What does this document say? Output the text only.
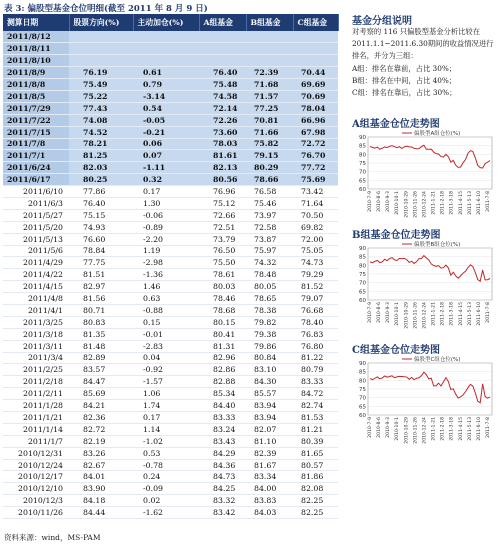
表 3: 偏股型基金仓位明细(截至 2011 年 8 月 9 日)
测算日期	股票方向(%)	主动加仓(%)	A组基金	B组基金	C组基金
2011/8/12					
2011/8/11					
2011/8/10					
2011/8/9	76.19	0.61	76.40	72.39	70.44
2011/8/8	75.49	0.79	75.48	71.68	69.69
2011/8/5	75.22	-3.14	74.58	71.57	70.69
2011/7/29	77.43	0.54	72.14	77.25	78.04
2011/7/22	74.08	-0.05	72.26	70.81	66.96
2011/7/15	74.52	-0.21	73.60	71.66	67.98
2011/7/8	78.21	0.06	78.03	75.82	72.72
2011/7/1	81.25	0.07	81.61	79.15	76.70
2011/6/24	82.03	-1.11	82.13	80.29	77.72
2011/6/17	80.25	0.32	80.56	78.66	75.69
2011/6/10	77.86	0.17	76.96	76.58	73.42
2011/6/3	76.40	1.30	75.12	75.46	71.64
2011/5/27	75.15	-0.06	72.66	73.97	70.50
2011/5/20	74.93	-0.89	72.51	72.58	69.82
2011/5/13	76.60	-2.20	73.79	73.87	72.00
2011/5/6	78.84	1.19	76.50	75.97	75.05
2011/4/29	77.75	-2.98	75.50	74.32	74.73
2011/4/22	81.51	-1.36	78.61	78.48	79.29
2011/4/15	82.97	1.46	80.03	80.05	81.52
2011/4/8	81.56	0.63	78.46	78.65	79.07
2011/4/1	80.71	-0.88	78.68	78.38	76.68
2011/3/25	80.83	0.15	80.15	79.82	78.40
2011/3/18	81.35	-0.01	80.41	79.38	76.83
2011/3/11	81.48	-2.83	81.31	79.86	76.80
2011/3/4	82.89	0.04	82.96	80.84	81.22
2011/2/25	83.57	-0.92	82.86	83.10	80.79
2011/2/18	84.47	-1.57	82.88	84.30	83.33
2011/2/11	85.69	1.06	85.34	85.57	84.72
2011/1/28	84.21	1.74	84.40	83.94	82.74
2011/1/21	82.36	0.17	83.33	83.94	81.53
2011/1/14	82.72	1.14	83.24	82.07	81.21
2011/1/7	82.19	-1.02	83.43	81.10	80.39
2010/12/31	83.26	0.53	84.29	82.39	81.65
2010/12/24	82.67	-0.78	84.36	81.67	80.57
2010/12/17	84.01	0.24	84.73	83.34	81.86
2010/12/10	83.90	-0.09	84.25	84.00	82.08
2010/12/3	84.18	0.02	83.32	83.83	82.25
2010/11/26	84.44	-1.62	83.42	84.03	82.25
资料来源：wind，MS-PAM
基金分组说明
对考察的 116 只偏股型基金分析比较在2011.1.1~2011.6.30期间的收益情况进行排名，并分为三组：
A组：排名在靠前，占比 30%；
B组：排名在中间，占比 40%；
C组：排名在靠后，占比 30%；
A组基金仓位走势图
60
65
70
75
80
85
90
2010-7-9 2010-8-6 2010-9-3 2010-10-1 2010-10-29 2010-11-26 2010-12-24 2011-1-21 2011-2-18 2011-3-18 2011-4-15 2011-5-13 2011-6-10 2011-7-8
偏股型A组仓位(%)
B组基金仓位走势图
60
65
70
75
80
85
90
2010-7-9 2010-8-6 2010-9-3 2010-10-1 2010-10-29 2010-11-26 2010-12-24 2011-1-21 2011-2-18 2011-3-18 2011-4-15 2011-5-13 2011-6-10 2011-7-8
偏股型B组仓位(%)
C组基金仓位走势图
60
65
70
75
80
85
90
2010-7-9 2010-8-6 2010-9-3 2010-10-1 2010-10-29 2010-11-26 2010-12-24 2011-1-21 2011-2-18 2011-3-18 2011-4-15 2011-5-13 2011-6-10 2011-7-8
偏股型C组仓位(%)
